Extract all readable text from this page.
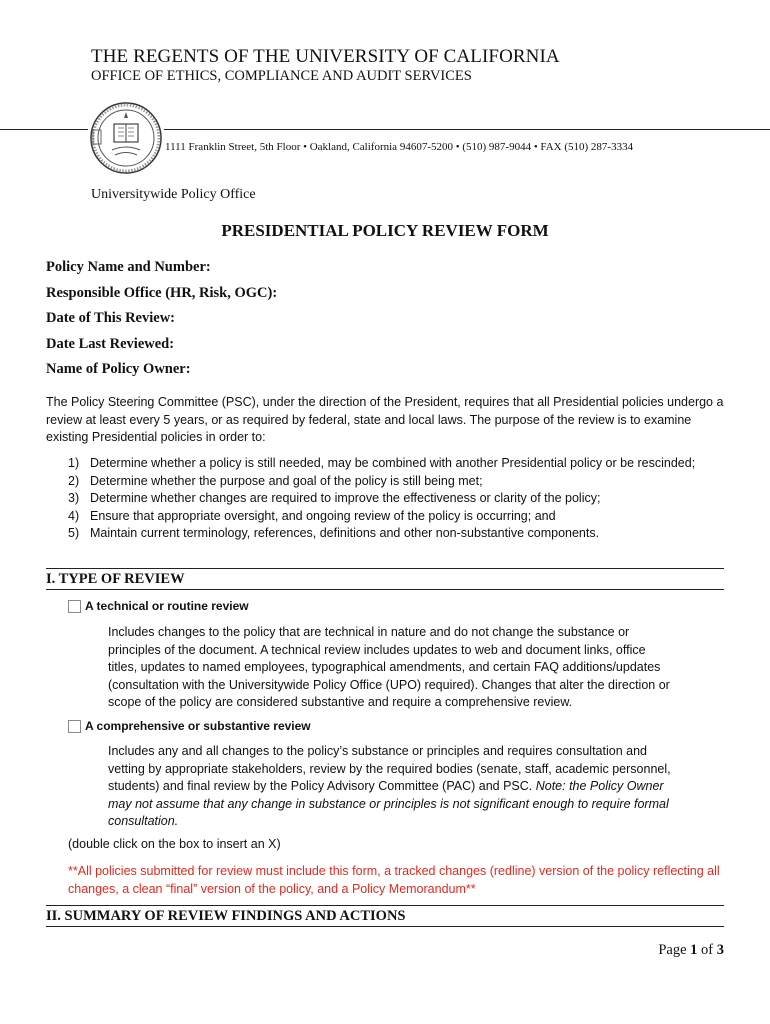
THE REGENTS OF THE UNIVERSITY OF CALIFORNIA
OFFICE OF ETHICS, COMPLIANCE AND AUDIT SERVICES
1111 Franklin Street, 5th Floor • Oakland, California 94607-5200 • (510) 987-9044 • FAX (510) 287-3334
Universitywide Policy Office
PRESIDENTIAL POLICY REVIEW FORM
Policy Name and Number:
Responsible Office (HR, Risk, OGC):
Date of This Review:
Date Last Reviewed:
Name of Policy Owner:
The Policy Steering Committee (PSC), under the direction of the President, requires that all Presidential policies undergo a review at least every 5 years, or as required by federal, state and local laws. The purpose of the review is to examine existing Presidential policies in order to:
1) Determine whether a policy is still needed, may be combined with another Presidential policy or be rescinded;
2) Determine whether the purpose and goal of the policy is still being met;
3) Determine whether changes are required to improve the effectiveness or clarity of the policy;
4) Ensure that appropriate oversight, and ongoing review of the policy is occurring; and
5) Maintain current terminology, references, definitions and other non-substantive components.
I. TYPE OF REVIEW
A technical or routine review
Includes changes to the policy that are technical in nature and do not change the substance or principles of the document. A technical review includes updates to web and document links, office titles, updates to named employees, typographical amendments, and certain FAQ additions/updates (consultation with the Universitywide Policy Office (UPO) required). Changes that alter the direction or scope of the policy are considered substantive and require a comprehensive review.
A comprehensive or substantive review
Includes any and all changes to the policy’s substance or principles and requires consultation and vetting by appropriate stakeholders, review by the required bodies (senate, staff, academic personnel, students) and final review by the Policy Advisory Committee (PAC) and PSC. Note: the Policy Owner may not assume that any change in substance or principles is not significant enough to require formal consultation.
(double click on the box to insert an X)
**All policies submitted for review must include this form, a tracked changes (redline) version of the policy reflecting all changes, a clean “final” version of the policy, and a Policy Memorandum**
II. SUMMARY OF REVIEW FINDINGS AND ACTIONS
Page 1 of 3
